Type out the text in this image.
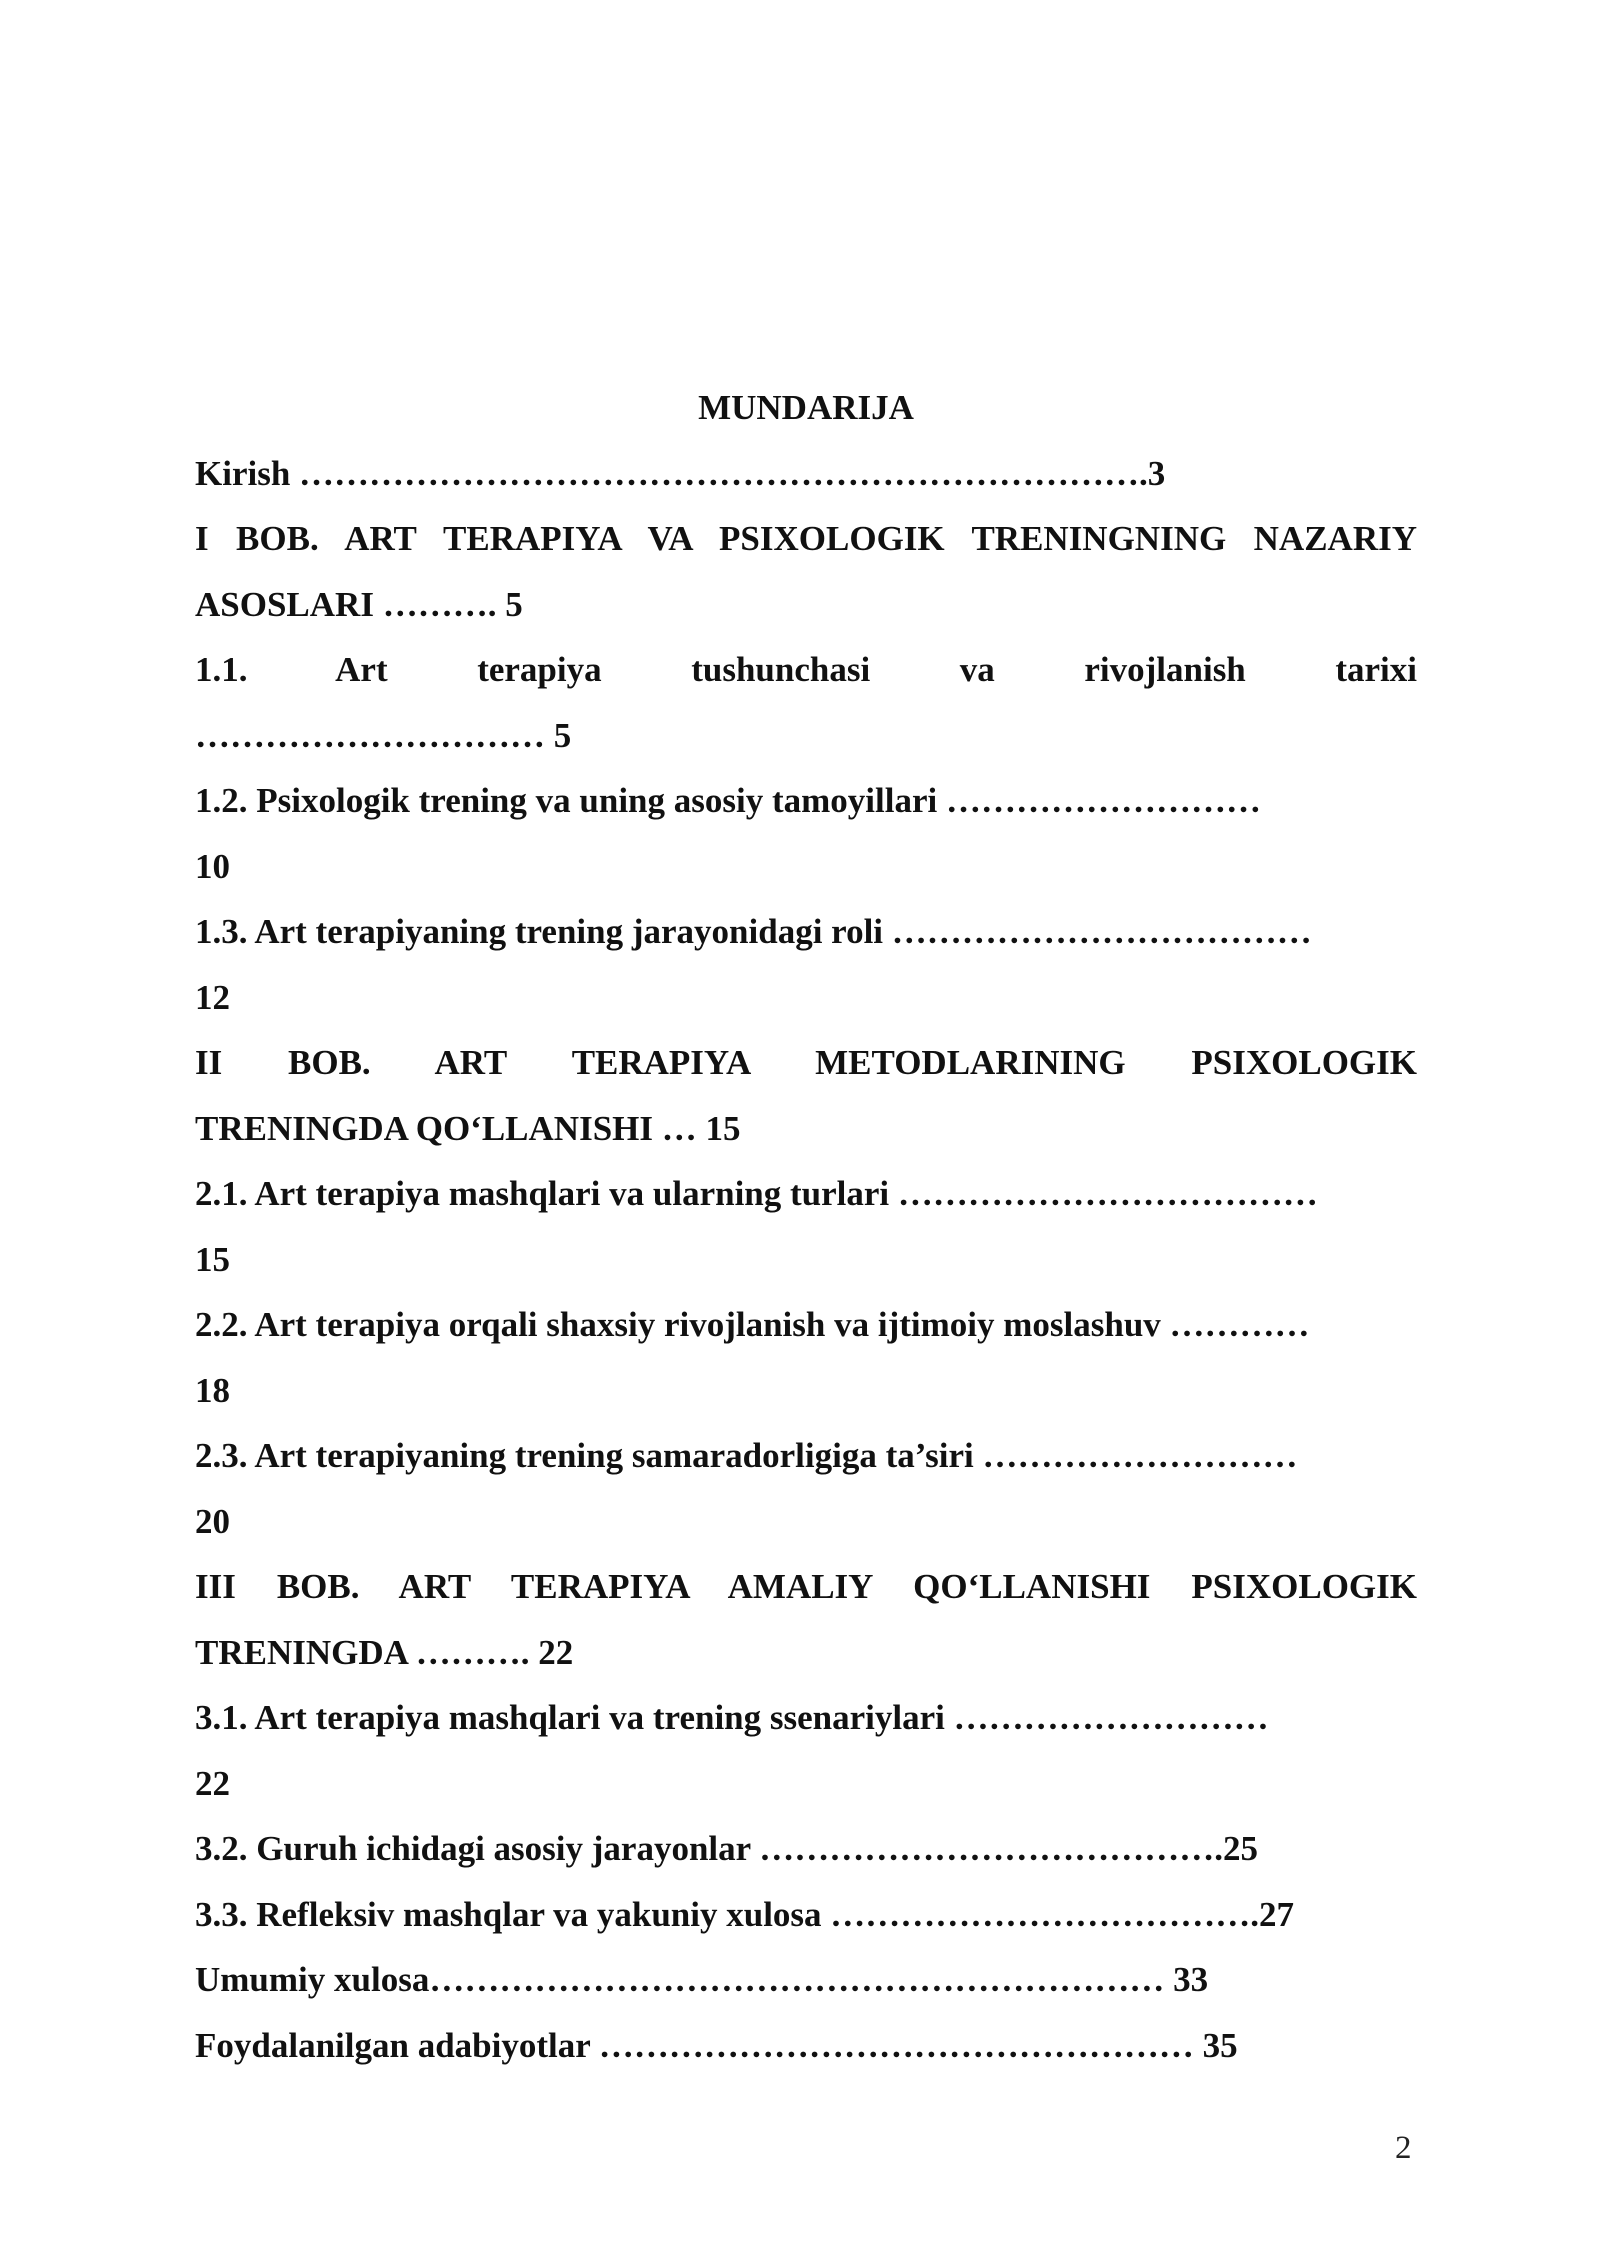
MUNDARIJA
Kirish ……………………………………………………………….3
I BOB. ART TERAPIYA VA PSIXOLOGIK TRENINGNING NAZARIY
ASOSLARI ………. 5
1.1. Art terapiya tushunchasi va rivojlanish tarixi
………………………… 5
1.2. Psixologik trening va uning asosiy tamoyillari ………………………
10
1.3. Art terapiyaning trening jarayonidagi roli ………………………………
12
II BOB. ART TERAPIYA METODLARINING PSIXOLOGIK
TRENINGDA QO‘LLANISHI … 15
2.1. Art terapiya mashqlari va ularning turlari ………………………………
15
2.2. Art terapiya orqali shaxsiy rivojlanish va ijtimoiy moslashuv …………
18
2.3. Art terapiyaning trening samaradorligiga ta’siri ………………………
20
III BOB. ART TERAPIYA AMALIY QO‘LLANISHI PSIXOLOGIK
TRENINGDA ………. 22
3.1. Art terapiya mashqlari va trening ssenariylari ………………………
22
3.2. Guruh ichidagi asosiy jarayonlar ………………………………….25
3.3. Refleksiv mashqlar va yakuniy xulosa ……………………………….27
Umumiy xulosa……………………………………………………… 33
Foydalanilgan adabiyotlar …………………………………………… 35
2
